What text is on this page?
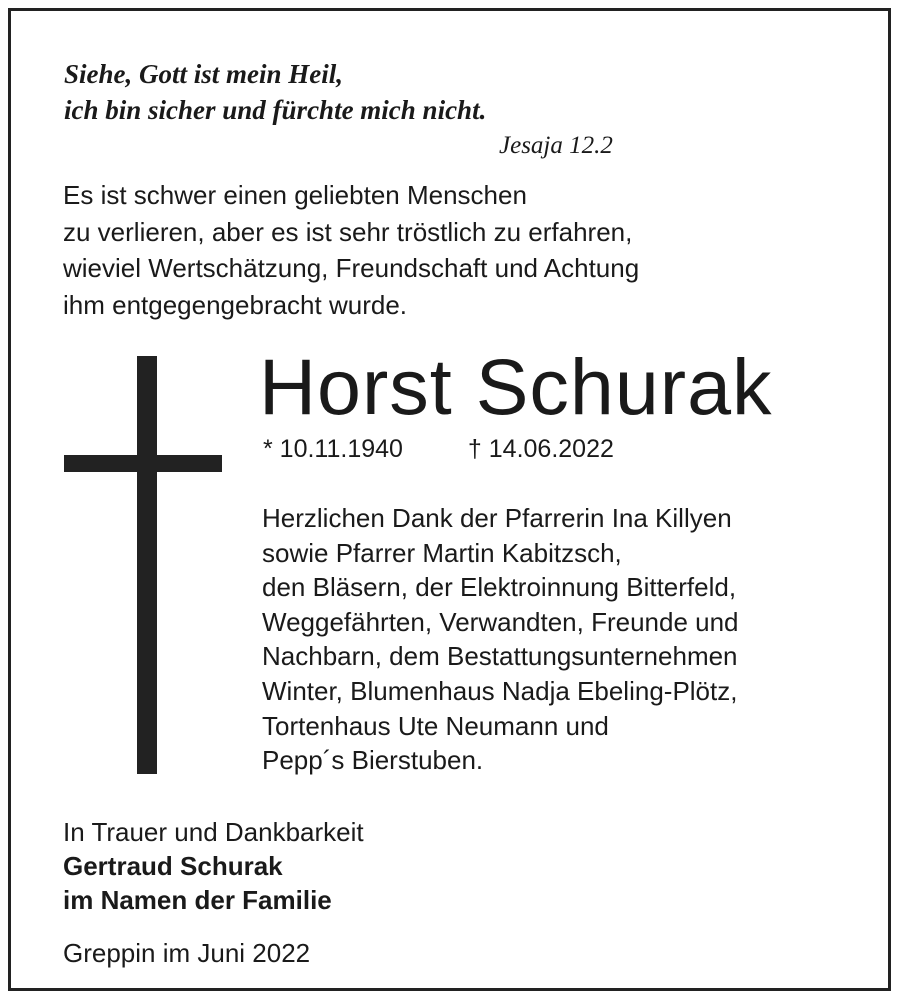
Siehe, Gott ist mein Heil,
ich bin sicher und fürchte mich nicht.
Jesaja 12.2
Es ist schwer einen geliebten Menschen
zu verlieren, aber es ist sehr tröstlich zu erfahren,
wieviel Wertschätzung, Freundschaft und Achtung
ihm entgegengebracht wurde.
Horst Schurak
* 10.11.1940	† 14.06.2022
Herzlichen Dank der Pfarrerin Ina Killyen
sowie Pfarrer Martin Kabitzsch,
den Bläsern, der Elektroinnung Bitterfeld,
Weggefährten, Verwandten, Freunde und
Nachbarn, dem Bestattungsunternehmen
Winter, Blumenhaus Nadja Ebeling-Plötz,
Tortenhaus Ute Neumann und
Pepp´s Bierstuben.
In Trauer und Dankbarkeit
Gertraud Schurak
im Namen der Familie
Greppin im Juni 2022
